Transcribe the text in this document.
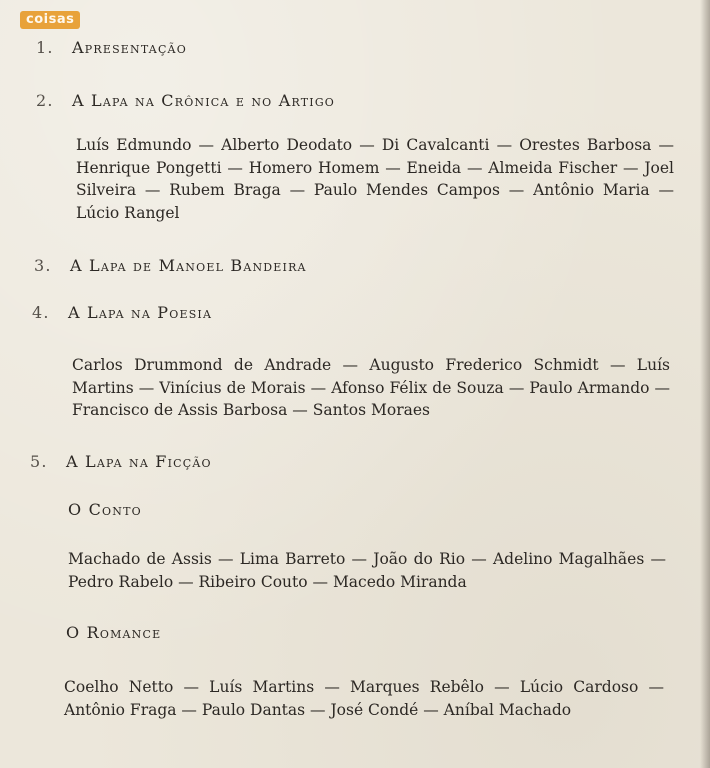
coisas
1. Apresentação
2. A Lapa na Crônica e no Artigo
Luís Edmundo — Alberto Deodato — Di Cavalcanti — Orestes Barbosa — Henrique Pongetti — Homero Homem — Eneida — Almeida Fischer — Joel Silveira — Rubem Braga — Paulo Mendes Campos — Antônio Maria — Lúcio Rangel
3. A Lapa de Manoel Bandeira
4. A Lapa na Poesia
Carlos Drummond de Andrade — Augusto Frederico Schmidt — Luís Martins — Vinícius de Morais — Afonso Félix de Souza — Paulo Armando — Francisco de Assis Barbosa — Santos Moraes
5. A Lapa na Ficção
O Conto
Machado de Assis — Lima Barreto — João do Rio — Adelino Magalhães — Pedro Rabelo — Ribeiro Couto — Macedo Miranda
O Romance
Coelho Netto — Luís Martins — Marques Rebêlo — Lúcio Cardoso — Antônio Fraga — Paulo Dantas — José Condé — Aníbal Machado
